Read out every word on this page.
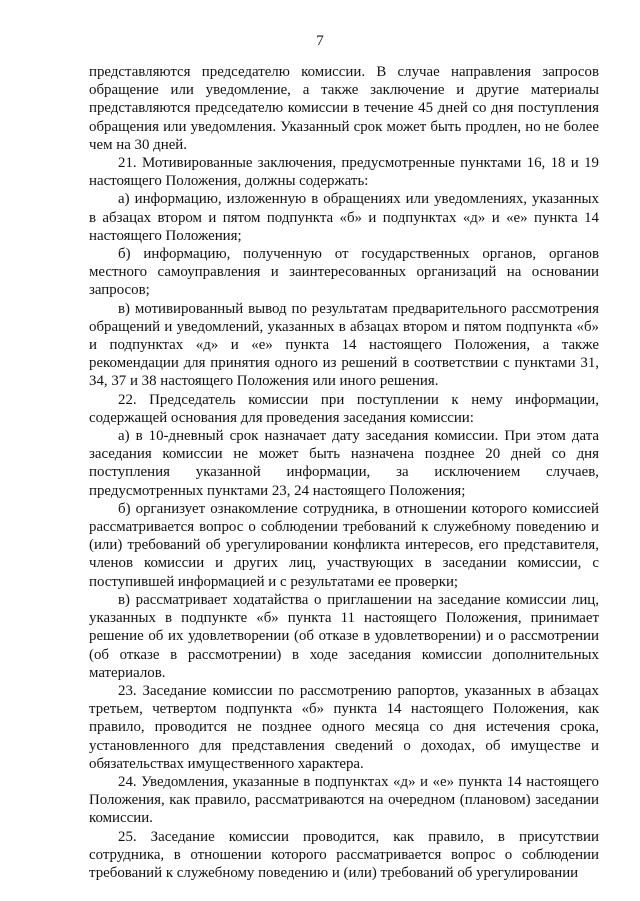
7

представляются председателю комиссии. В случае направления запросов обращение или уведомление, а также заключение и другие материалы представляются председателю комиссии в течение 45 дней со дня поступления обращения или уведомления. Указанный срок может быть продлен, но не более чем на 30 дней.

21. Мотивированные заключения, предусмотренные пунктами 16, 18 и 19 настоящего Положения, должны содержать:

а) информацию, изложенную в обращениях или уведомлениях, указанных в абзацах втором и пятом подпункта «б» и подпунктах «д» и «е» пункта 14 настоящего Положения;

б) информацию, полученную от государственных органов, органов местного самоуправления и заинтересованных организаций на основании запросов;

в) мотивированный вывод по результатам предварительного рассмотрения обращений и уведомлений, указанных в абзацах втором и пятом подпункта «б» и подпунктах «д» и «е» пункта 14 настоящего Положения, а также рекомендации для принятия одного из решений в соответствии с пунктами 31, 34, 37 и 38 настоящего Положения или иного решения.

22. Председатель комиссии при поступлении к нему информации, содержащей основания для проведения заседания комиссии:

а) в 10-дневный срок назначает дату заседания комиссии. При этом дата заседания комиссии не может быть назначена позднее 20 дней со дня поступления указанной информации, за исключением случаев, предусмотренных пунктами 23, 24 настоящего Положения;

б) организует ознакомление сотрудника, в отношении которого комиссией рассматривается вопрос о соблюдении требований к служебному поведению и (или) требований об урегулировании конфликта интересов, его представителя, членов комиссии и других лиц, участвующих в заседании комиссии, с поступившей информацией и с результатами ее проверки;

в) рассматривает ходатайства о приглашении на заседание комиссии лиц, указанных в подпункте «б» пункта 11 настоящего Положения, принимает решение об их удовлетворении (об отказе в удовлетворении) и о рассмотрении (об отказе в рассмотрении) в ходе заседания комиссии дополнительных материалов.

23. Заседание комиссии по рассмотрению рапортов, указанных в абзацах третьем, четвертом подпункта «б» пункта 14 настоящего Положения, как правило, проводится не позднее одного месяца со дня истечения срока, установленного для представления сведений о доходах, об имуществе и обязательствах имущественного характера.

24. Уведомления, указанные в подпунктах «д» и «е» пункта 14 настоящего Положения, как правило, рассматриваются на очередном (плановом) заседании комиссии.

25. Заседание комиссии проводится, как правило, в присутствии сотрудника, в отношении которого рассматривается вопрос о соблюдении требований к служебному поведению и (или) требований об урегулировании
